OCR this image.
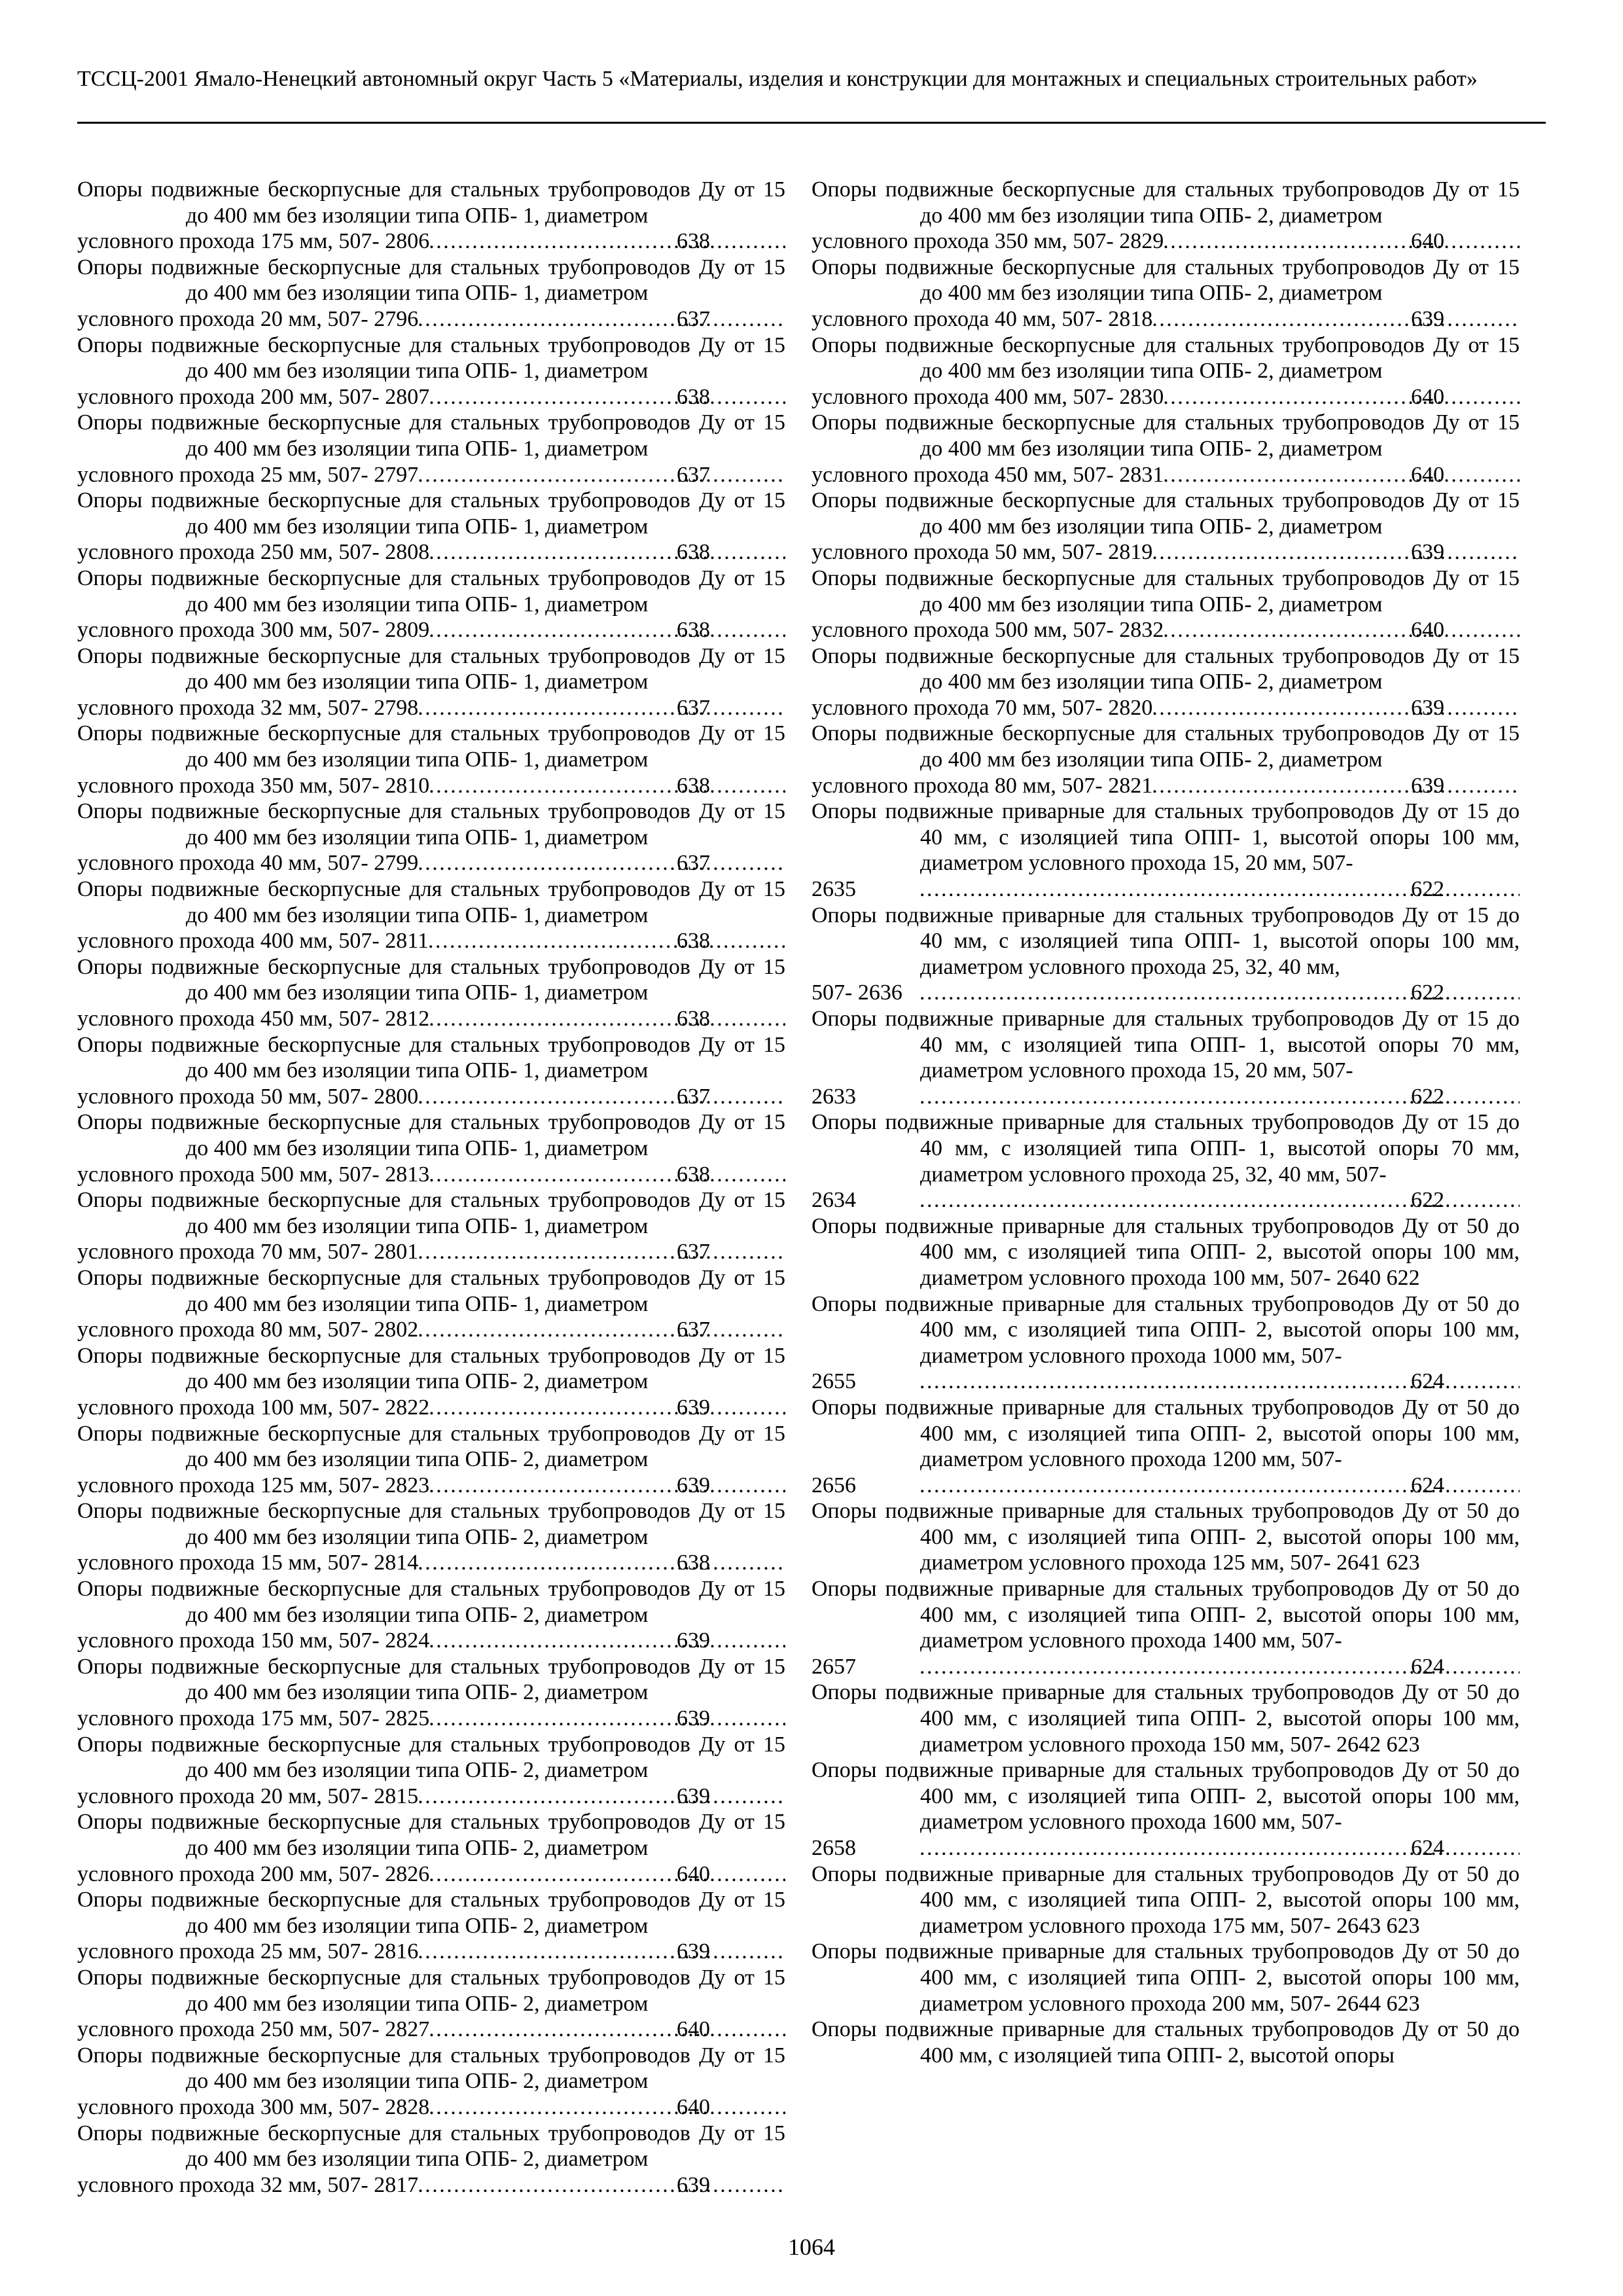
ТССЦ-2001 Ямало-Ненецкий автономный округ Часть 5 «Материалы, изделия и конструкции для монтажных и специальных строительных работ»
Опоры подвижные бескорпусные для стальных трубопроводов Ду от 15 до 400 мм без изоляции типа ОПБ- 1, диаметром
условного прохода 175 мм, 507- 2806 . . .	638
Опоры подвижные бескорпусные для стальных трубопроводов Ду от 15 до 400 мм без изоляции типа ОПБ- 1, диаметром
условного прохода 20 мм, 507- 2796 . . .	637
Опоры подвижные бескорпусные для стальных трубопроводов Ду от 15 до 400 мм без изоляции типа ОПБ- 1, диаметром
условного прохода 200 мм, 507- 2807 . . .	638
Опоры подвижные бескорпусные для стальных трубопроводов Ду от 15 до 400 мм без изоляции типа ОПБ- 1, диаметром
условного прохода 25 мм, 507- 2797 . . .	637
Опоры подвижные бескорпусные для стальных трубопроводов Ду от 15 до 400 мм без изоляции типа ОПБ- 1, диаметром
условного прохода 250 мм, 507- 2808 . . .	638
Опоры подвижные бескорпусные для стальных трубопроводов Ду от 15 до 400 мм без изоляции типа ОПБ- 1, диаметром
условного прохода 300 мм, 507- 2809 . . .	638
Опоры подвижные бескорпусные для стальных трубопроводов Ду от 15 до 400 мм без изоляции типа ОПБ- 1, диаметром
условного прохода 32 мм, 507- 2798 . . .	637
Опоры подвижные бескорпусные для стальных трубопроводов Ду от 15 до 400 мм без изоляции типа ОПБ- 1, диаметром
условного прохода 350 мм, 507- 2810 . . .	638
Опоры подвижные бескорпусные для стальных трубопроводов Ду от 15 до 400 мм без изоляции типа ОПБ- 1, диаметром
условного прохода 40 мм, 507- 2799 . . .	637
Опоры подвижные бескорпусные для стальных трубопроводов Ду от 15 до 400 мм без изоляции типа ОПБ- 1, диаметром
условного прохода 400 мм, 507- 2811 . . .	638
Опоры подвижные бескорпусные для стальных трубопроводов Ду от 15 до 400 мм без изоляции типа ОПБ- 1, диаметром
условного прохода 450 мм, 507- 2812 . . .	638
Опоры подвижные бескорпусные для стальных трубопроводов Ду от 15 до 400 мм без изоляции типа ОПБ- 1, диаметром
условного прохода 50 мм, 507- 2800 . . .	637
Опоры подвижные бескорпусные для стальных трубопроводов Ду от 15 до 400 мм без изоляции типа ОПБ- 1, диаметром
условного прохода 500 мм, 507- 2813 . . .	638
Опоры подвижные бескорпусные для стальных трубопроводов Ду от 15 до 400 мм без изоляции типа ОПБ- 1, диаметром
условного прохода 70 мм, 507- 2801 . . .	637
Опоры подвижные бескорпусные для стальных трубопроводов Ду от 15 до 400 мм без изоляции типа ОПБ- 1, диаметром
условного прохода 80 мм, 507- 2802 . . .	637
Опоры подвижные бескорпусные для стальных трубопроводов Ду от 15 до 400 мм без изоляции типа ОПБ- 2, диаметром
условного прохода 100 мм, 507- 2822 . . .	639
Опоры подвижные бескорпусные для стальных трубопроводов Ду от 15 до 400 мм без изоляции типа ОПБ- 2, диаметром
условного прохода 125 мм, 507- 2823 . . .	639
Опоры подвижные бескорпусные для стальных трубопроводов Ду от 15 до 400 мм без изоляции типа ОПБ- 2, диаметром
условного прохода 15 мм, 507- 2814 . . .	638
Опоры подвижные бескорпусные для стальных трубопроводов Ду от 15 до 400 мм без изоляции типа ОПБ- 2, диаметром
условного прохода 150 мм, 507- 2824 . . .	639
Опоры подвижные бескорпусные для стальных трубопроводов Ду от 15 до 400 мм без изоляции типа ОПБ- 2, диаметром
условного прохода 175 мм, 507- 2825 . . .	639
Опоры подвижные бескорпусные для стальных трубопроводов Ду от 15 до 400 мм без изоляции типа ОПБ- 2, диаметром
условного прохода 20 мм, 507- 2815 . . .	639
Опоры подвижные бескорпусные для стальных трубопроводов Ду от 15 до 400 мм без изоляции типа ОПБ- 2, диаметром
условного прохода 200 мм, 507- 2826 . . .	640
Опоры подвижные бескорпусные для стальных трубопроводов Ду от 15 до 400 мм без изоляции типа ОПБ- 2, диаметром
условного прохода 25 мм, 507- 2816 . . .	639
Опоры подвижные бескорпусные для стальных трубопроводов Ду от 15 до 400 мм без изоляции типа ОПБ- 2, диаметром
условного прохода 250 мм, 507- 2827 . . .	640
Опоры подвижные бескорпусные для стальных трубопроводов Ду от 15 до 400 мм без изоляции типа ОПБ- 2, диаметром
условного прохода 300 мм, 507- 2828 . . .	640
Опоры подвижные бескорпусные для стальных трубопроводов Ду от 15 до 400 мм без изоляции типа ОПБ- 2, диаметром
условного прохода 32 мм, 507- 2817 . . .	639
Опоры подвижные бескорпусные для стальных трубопроводов Ду от 15 до 400 мм без изоляции типа ОПБ- 2, диаметром
условного прохода 350 мм, 507- 2829 . . .	640
Опоры подвижные бескорпусные для стальных трубопроводов Ду от 15 до 400 мм без изоляции типа ОПБ- 2, диаметром
условного прохода 40 мм, 507- 2818 . . .	639
Опоры подвижные бескорпусные для стальных трубопроводов Ду от 15 до 400 мм без изоляции типа ОПБ- 2, диаметром
условного прохода 400 мм, 507- 2830 . . .	640
Опоры подвижные бескорпусные для стальных трубопроводов Ду от 15 до 400 мм без изоляции типа ОПБ- 2, диаметром
условного прохода 450 мм, 507- 2831 . . .	640
Опоры подвижные бескорпусные для стальных трубопроводов Ду от 15 до 400 мм без изоляции типа ОПБ- 2, диаметром
условного прохода 50 мм, 507- 2819 . . .	639
Опоры подвижные бескорпусные для стальных трубопроводов Ду от 15 до 400 мм без изоляции типа ОПБ- 2, диаметром
условного прохода 500 мм, 507- 2832 . . .	640
Опоры подвижные бескорпусные для стальных трубопроводов Ду от 15 до 400 мм без изоляции типа ОПБ- 2, диаметром
условного прохода 70 мм, 507- 2820 . . .	639
Опоры подвижные бескорпусные для стальных трубопроводов Ду от 15 до 400 мм без изоляции типа ОПБ- 2, диаметром
условного прохода 80 мм, 507- 2821 . . .	639
Опоры подвижные приварные для стальных трубопроводов Ду от 15 до 40 мм, с изоляцией типа ОПП- 1, высотой опоры 100 мм, диаметром условного прохода 15, 20 мм, 507-
2635 . . .	622
Опоры подвижные приварные для стальных трубопроводов Ду от 15 до 40 мм, с изоляцией типа ОПП- 1, высотой опоры 100 мм, диаметром условного прохода 25, 32, 40 мм,
507- 2636 . . .	622
Опоры подвижные приварные для стальных трубопроводов Ду от 15 до 40 мм, с изоляцией типа ОПП- 1, высотой опоры 70 мм, диаметром условного прохода 15, 20 мм, 507-
2633 . . .	622
Опоры подвижные приварные для стальных трубопроводов Ду от 15 до 40 мм, с изоляцией типа ОПП- 1, высотой опоры 70 мм, диаметром условного прохода 25, 32, 40 мм, 507-
2634 . . .	622
Опоры подвижные приварные для стальных трубопроводов Ду от 50 до 400 мм, с изоляцией типа ОПП- 2, высотой опоры 100 мм, диаметром условного прохода 100 мм, 507- 2640 622
Опоры подвижные приварные для стальных трубопроводов Ду от 50 до 400 мм, с изоляцией типа ОПП- 2, высотой опоры 100 мм, диаметром условного прохода 1000 мм, 507-
2655 . . .	624
Опоры подвижные приварные для стальных трубопроводов Ду от 50 до 400 мм, с изоляцией типа ОПП- 2, высотой опоры 100 мм, диаметром условного прохода 1200 мм, 507-
2656 . . .	624
Опоры подвижные приварные для стальных трубопроводов Ду от 50 до 400 мм, с изоляцией типа ОПП- 2, высотой опоры 100 мм, диаметром условного прохода 125 мм, 507- 2641 623
Опоры подвижные приварные для стальных трубопроводов Ду от 50 до 400 мм, с изоляцией типа ОПП- 2, высотой опоры 100 мм, диаметром условного прохода 1400 мм, 507-
2657 . . .	624
Опоры подвижные приварные для стальных трубопроводов Ду от 50 до 400 мм, с изоляцией типа ОПП- 2, высотой опоры 100 мм, диаметром условного прохода 150 мм, 507- 2642 623
Опоры подвижные приварные для стальных трубопроводов Ду от 50 до 400 мм, с изоляцией типа ОПП- 2, высотой опоры 100 мм, диаметром условного прохода 1600 мм, 507-
2658 . . .	624
Опоры подвижные приварные для стальных трубопроводов Ду от 50 до 400 мм, с изоляцией типа ОПП- 2, высотой опоры 100 мм, диаметром условного прохода 175 мм, 507- 2643 623
Опоры подвижные приварные для стальных трубопроводов Ду от 50 до 400 мм, с изоляцией типа ОПП- 2, высотой опоры 100 мм, диаметром условного прохода 200 мм, 507- 2644 623
Опоры подвижные приварные для стальных трубопроводов Ду от 50 до 400 мм, с изоляцией типа ОПП- 2, высотой опоры
1064
